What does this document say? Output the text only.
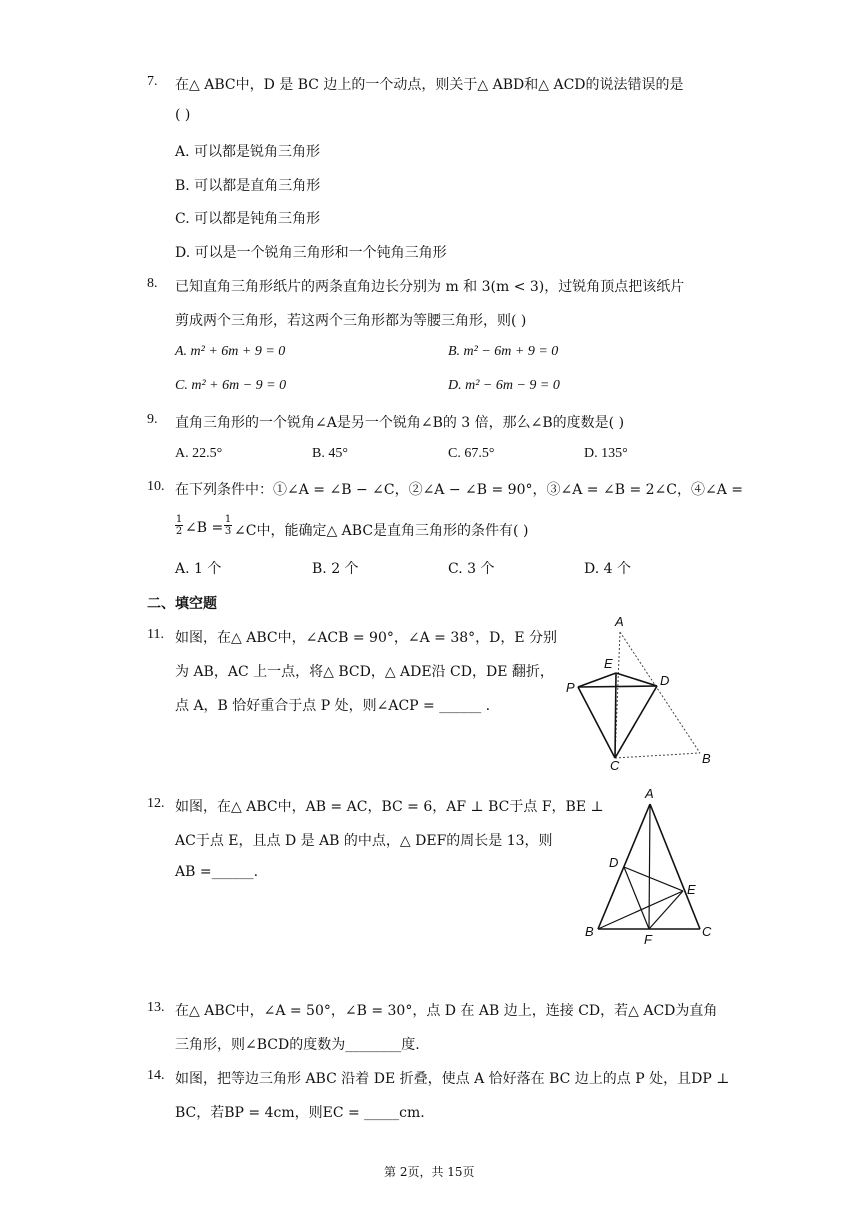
7. 在△ ABC中，D 是 BC 边上的一个动点，则关于△ ABD和△ ACD的说法错误的是
( )
A. 可以都是锐角三角形
B. 可以都是直角三角形
C. 可以都是钝角三角形
D. 可以是一个锐角三角形和一个钝角三角形
8. 已知直角三角形纸片的两条直角边长分别为 m 和 3(m < 3)，过锐角顶点把该纸片
剪成两个三角形，若这两个三角形都为等腰三角形，则( )
A. m² + 6m + 9 = 0	B. m² − 6m + 9 = 0
C. m² + 6m − 9 = 0	D. m² − 6m − 9 = 0
9. 直角三角形的一个锐角∠A是另一个锐角∠B的 3 倍，那么∠B的度数是( )
A. 22.5°	B. 45°	C. 67.5°	D. 135°
10. 在下列条件中：①∠A = ∠B − ∠C，②∠A − ∠B = 90°，③∠A = ∠B = 2∠C，④∠A =
$\frac{1}{2}$ ∠B = $\frac{1}{3}$ ∠C中，能确定△ ABC是直角三角形的条件有( )
A. 1 个	B. 2 个	C. 3 个	D. 4 个
二、填空题
11. 如图，在△ ABC中，∠ACB = 90°，∠A = 38°，D，E 分别
为 AB，AC 上一点，将△ BCD，△ ADE沿 CD，DE 翻折，
点 A，B 恰好重合于点 P 处，则∠ACP = ______ .
A
E
D
P
C	B
12. 如图，在△ ABC中，AB = AC，BC = 6，AF ⊥ BC于点 F，BE ⊥
AC于点 E，且点 D 是 AB 的中点，△ DEF的周长是 13，则
AB =______.
A
D
E
B
F
C
13. 在△ ABC中，∠A = 50°，∠B = 30°，点 D 在 AB 边上，连接 CD，若△ ACD为直角
三角形，则∠BCD的度数为________度.
14. 如图，把等边三角形 ABC 沿着 DE 折叠，使点 A 恰好落在 BC 边上的点 P 处，且DP ⊥
BC，若BP = 4cm，则EC = _____cm.
第 2页，共 15页
